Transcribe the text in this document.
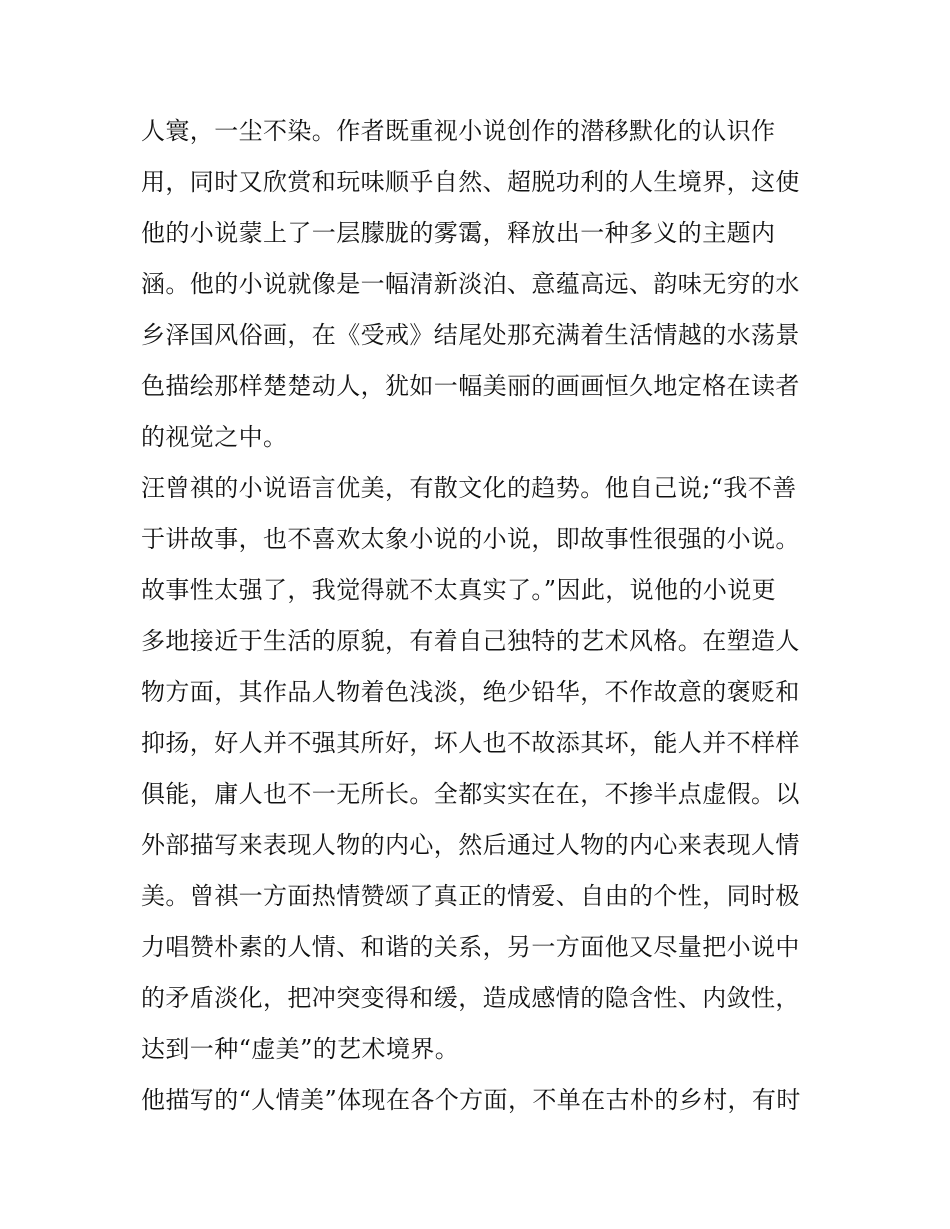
人寰，一尘不染。作者既重视小说创作的潜移默化的认识作
用，同时又欣赏和玩味顺乎自然、超脱功利的人生境界，这使
他的小说蒙上了一层朦胧的雾霭，释放出一种多义的主题内
涵。他的小说就像是一幅清新淡泊、意蕴高远、韵味无穷的水
乡泽国风俗画，在《受戒》结尾处那充满着生活情越的水荡景
色描绘那样楚楚动人，犹如一幅美丽的画画恒久地定格在读者
的视觉之中。
汪曾祺的小说语言优美，有散文化的趋势。他自己说;“我不善
于讲故事，也不喜欢太象小说的小说，即故事性很强的小说。
故事性太强了，我觉得就不太真实了。”因此，说他的小说更
多地接近于生活的原貌，有着自己独特的艺术风格。在塑造人
物方面，其作品人物着色浅淡，绝少铅华，不作故意的褒贬和
抑扬，好人并不强其所好，坏人也不故添其坏，能人并不样样
俱能，庸人也不一无所长。全都实实在在，不掺半点虚假。以
外部描写来表现人物的内心，然后通过人物的内心来表现人情
美。曾祺一方面热情赞颂了真正的情爱、自由的个性，同时极
力唱赞朴素的人情、和谐的关系，另一方面他又尽量把小说中
的矛盾淡化，把冲突变得和缓，造成感情的隐含性、内敛性，
达到一种“虚美”的艺术境界。
他描写的“人情美”体现在各个方面，不单在古朴的乡村，有时
